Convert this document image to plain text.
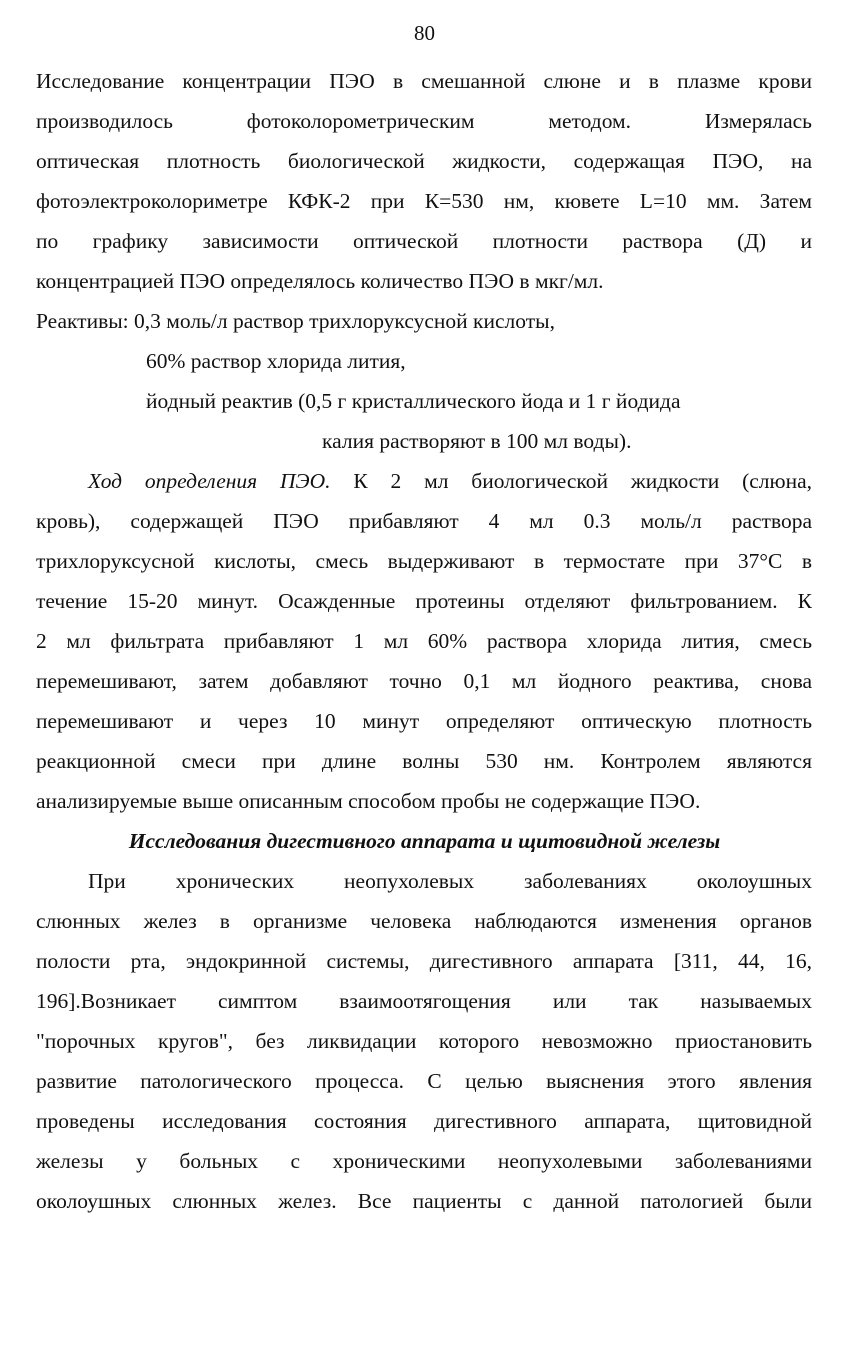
80
Исследование концентрации ПЭО в смешанной слюне и в плазме крови
производилось фотоколорометрическим методом. Измерялась
оптическая плотность биологической жидкости, содержащая ПЭО, на
фотоэлектроколориметре КФК-2 при К=530 нм, кювете L=10 мм. Затем
по графику зависимости оптической плотности раствора (Д) и
концентрацией ПЭО определялось количество ПЭО в мкг/мл.
Реактивы: 0,3 моль/л раствор трихлоруксусной кислоты,
60% раствор хлорида лития,
йодный реактив (0,5 г кристаллического йода и 1 г йодида
калия растворяют в 100 мл воды).
Ход определения ПЭО. К 2 мл биологической жидкости (слюна,
кровь), содержащей ПЭО прибавляют 4 мл 0.3 моль/л раствора
трихлоруксусной кислоты, смесь выдерживают в термостате при 37°С в
течение 15-20 минут. Осажденные протеины отделяют фильтрованием. К
2 мл фильтрата прибавляют 1 мл 60% раствора хлорида лития, смесь
перемешивают, затем добавляют точно 0,1 мл йодного реактива, снова
перемешивают и через 10 минут определяют оптическую плотность
реакционной смеси при длине волны 530 нм. Контролем являются
анализируемые выше описанным способом пробы не содержащие ПЭО.
Исследования дигестивного аппарата и щитовидной железы
При хронических неопухолевых заболеваниях околоушных
слюнных желез в организме человека наблюдаются изменения органов
полости рта, эндокринной системы, дигестивного аппарата [311, 44, 16,
196].Возникает симптом взаимоотягощения или так называемых
"порочных кругов", без ликвидации которого невозможно приостановить
развитие патологического процесса. С целью выяснения этого явления
проведены исследования состояния дигестивного аппарата, щитовидной
железы у больных с хроническими неопухолевыми заболеваниями
околоушных слюнных желез. Все пациенты с данной патологией были
